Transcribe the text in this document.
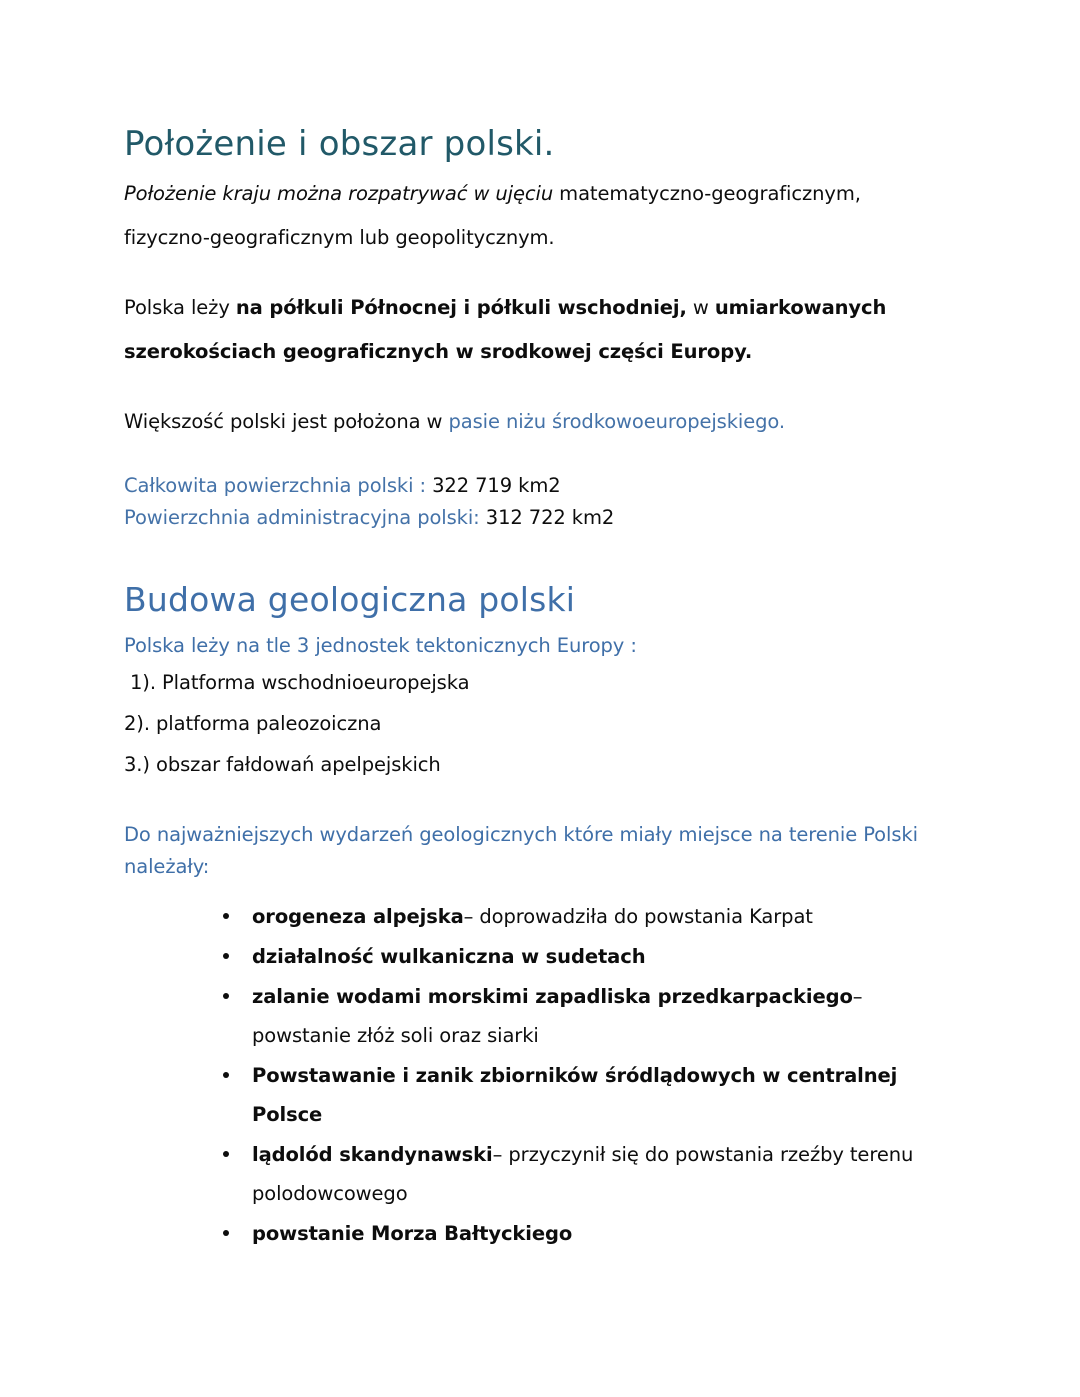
Położenie i obszar polski.

Położenie kraju można rozpatrywać w ujęciu matematyczno-geograficznym, fizyczno-geograficznym lub geopolitycznym.

Polska leży na półkuli Północnej i półkuli wschodniej, w umiarkowanych szerokościach geograficznych w srodkowej części Europy.

Większość polski jest położona w pasie niżu środkowoeuropejskiego.

Całkowita powierzchnia polski : 322 719 km2

Powierzchnia administracyjna polski: 312 722 km2

Budowa geologiczna polski

Polska leży na tle 3 jednostek tektonicznych Europy :

1). Platforma wschodnioeuropejska
2). platforma paleozoiczna
3.) obszar fałdowań apelpejskich

Do najważniejszych wydarzeń geologicznych które miały miejsce na terenie Polski należały:

orogeneza alpejska– doprowadziła do powstania Karpat
działalność wulkaniczna w sudetach
zalanie wodami morskimi zapadliska przedkarpackiego– powstanie złóż soli oraz siarki
Powstawanie i zanik zbiorników śródlądowych w centralnej Polsce
lądolód skandynawski– przyczynił się do powstania rzeźby terenu polodowcowego
powstanie Morza Bałtyckiego
